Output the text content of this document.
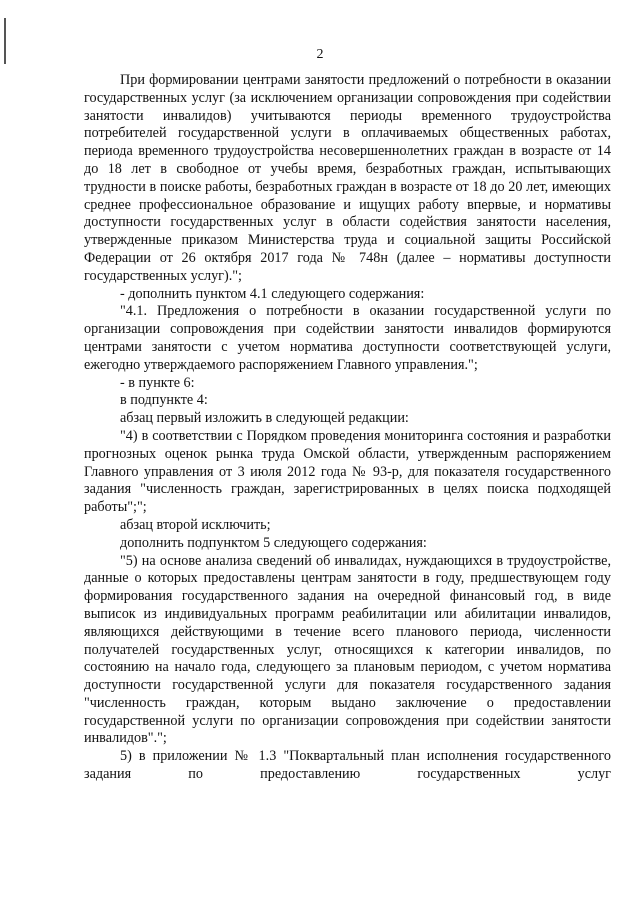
2

При формировании центрами занятости предложений о потребности в оказании государственных услуг (за исключением организации сопровождения при содействии занятости инвалидов) учитываются периоды временного трудоустройства потребителей государственной услуги в оплачиваемых общественных работах, периода временного трудоустройства несовершеннолетних граждан в возрасте от 14 до 18 лет в свободное от учебы время, безработных граждан, испытывающих трудности в поиске работы, безработных граждан в возрасте от 18 до 20 лет, имеющих среднее профессиональное образование и ищущих работу впервые, и нормативы доступности государственных услуг в области содействия занятости населения, утвержденные приказом Министерства труда и социальной защиты Российской Федерации от 26 октября 2017 года № 748н (далее – нормативы доступности государственных услуг).";

- дополнить пунктом 4.1 следующего содержания:

"4.1. Предложения о потребности в оказании государственной услуги по организации сопровождения при содействии занятости инвалидов формируются центрами занятости с учетом норматива доступности соответствующей услуги, ежегодно утверждаемого распоряжением Главного управления.";

- в пункте 6:

в подпункте 4:

абзац первый изложить в следующей редакции:

"4) в соответствии с Порядком проведения мониторинга состояния и разработки прогнозных оценок рынка труда Омской области, утвержденным распоряжением Главного управления от 3 июля 2012 года № 93-р, для показателя государственного задания "численность граждан, зарегистрированных в целях поиска подходящей работы";";

абзац второй исключить;

дополнить подпунктом 5 следующего содержания:

"5) на основе анализа сведений об инвалидах, нуждающихся в трудоустройстве, данные о которых предоставлены центрам занятости в году, предшествующем году формирования государственного задания на очередной финансовый год, в виде выписок из индивидуальных программ реабилитации или абилитации инвалидов, являющихся действующими в течение всего планового периода, численности получателей государственных услуг, относящихся к категории инвалидов, по состоянию на начало года, следующего за плановым периодом, с учетом норматива доступности государственной услуги для показателя государственного задания "численность граждан, которым выдано заключение о предоставлении государственной услуги по организации сопровождения при содействии занятости инвалидов".";

5) в приложении № 1.3 "Поквартальный план исполнения государственного задания по предоставлению государственных услуг
